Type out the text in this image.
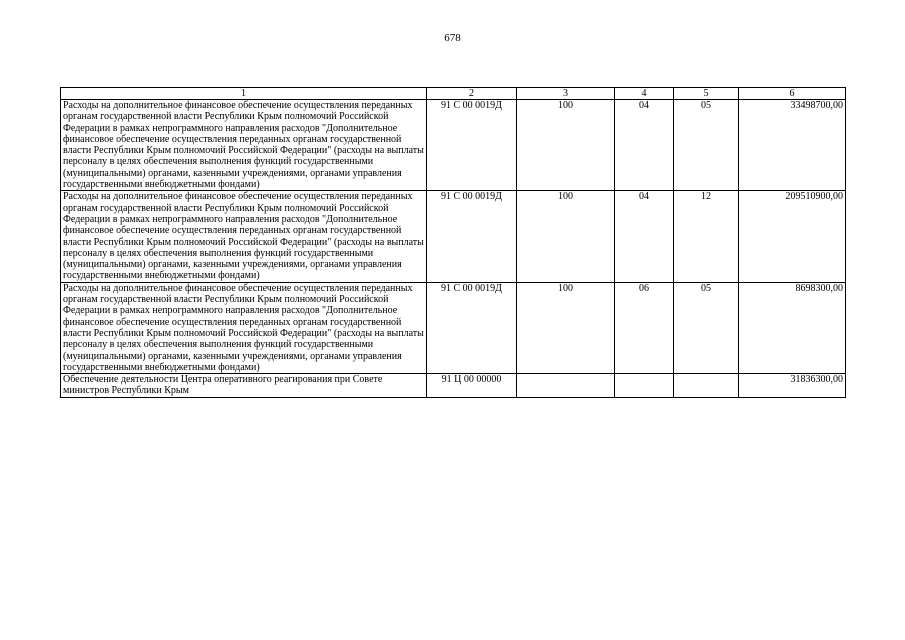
678
1	2	3	4	5	6
Расходы на дополнительное финансовое обеспечение осуществления переданных органам государственной власти Республики Крым полномочий Российской Федерации в рамках непрограммного направления расходов "Дополнительное финансовое обеспечение осуществления переданных органам государственной власти Республики Крым полномочий Российской Федерации" (расходы на выплаты персоналу в целях обеспечения выполнения функций государственными (муниципальными) органами, казенными учреждениями, органами управления государственными внебюджетными фондами)	91 С 00 0019Д	100	04	05	33498700,00
Расходы на дополнительное финансовое обеспечение осуществления переданных органам государственной власти Республики Крым полномочий Российской Федерации в рамках непрограммного направления расходов "Дополнительное финансовое обеспечение осуществления переданных органам государственной власти Республики Крым полномочий Российской Федерации" (расходы на выплаты персоналу в целях обеспечения выполнения функций государственными (муниципальными) органами, казенными учреждениями, органами управления государственными внебюджетными фондами)	91 С 00 0019Д	100	04	12	209510900,00
Расходы на дополнительное финансовое обеспечение осуществления переданных органам государственной власти Республики Крым полномочий Российской Федерации в рамках непрограммного направления расходов "Дополнительное финансовое обеспечение осуществления переданных органам государственной власти Республики Крым полномочий Российской Федерации" (расходы на выплаты персоналу в целях обеспечения выполнения функций государственными (муниципальными) органами, казенными учреждениями, органами управления государственными внебюджетными фондами)	91 С 00 0019Д	100	06	05	8698300,00
Обеспечение деятельности Центра оперативного реагирования при Совете министров Республики Крым	91 Ц 00 00000				31836300,00
